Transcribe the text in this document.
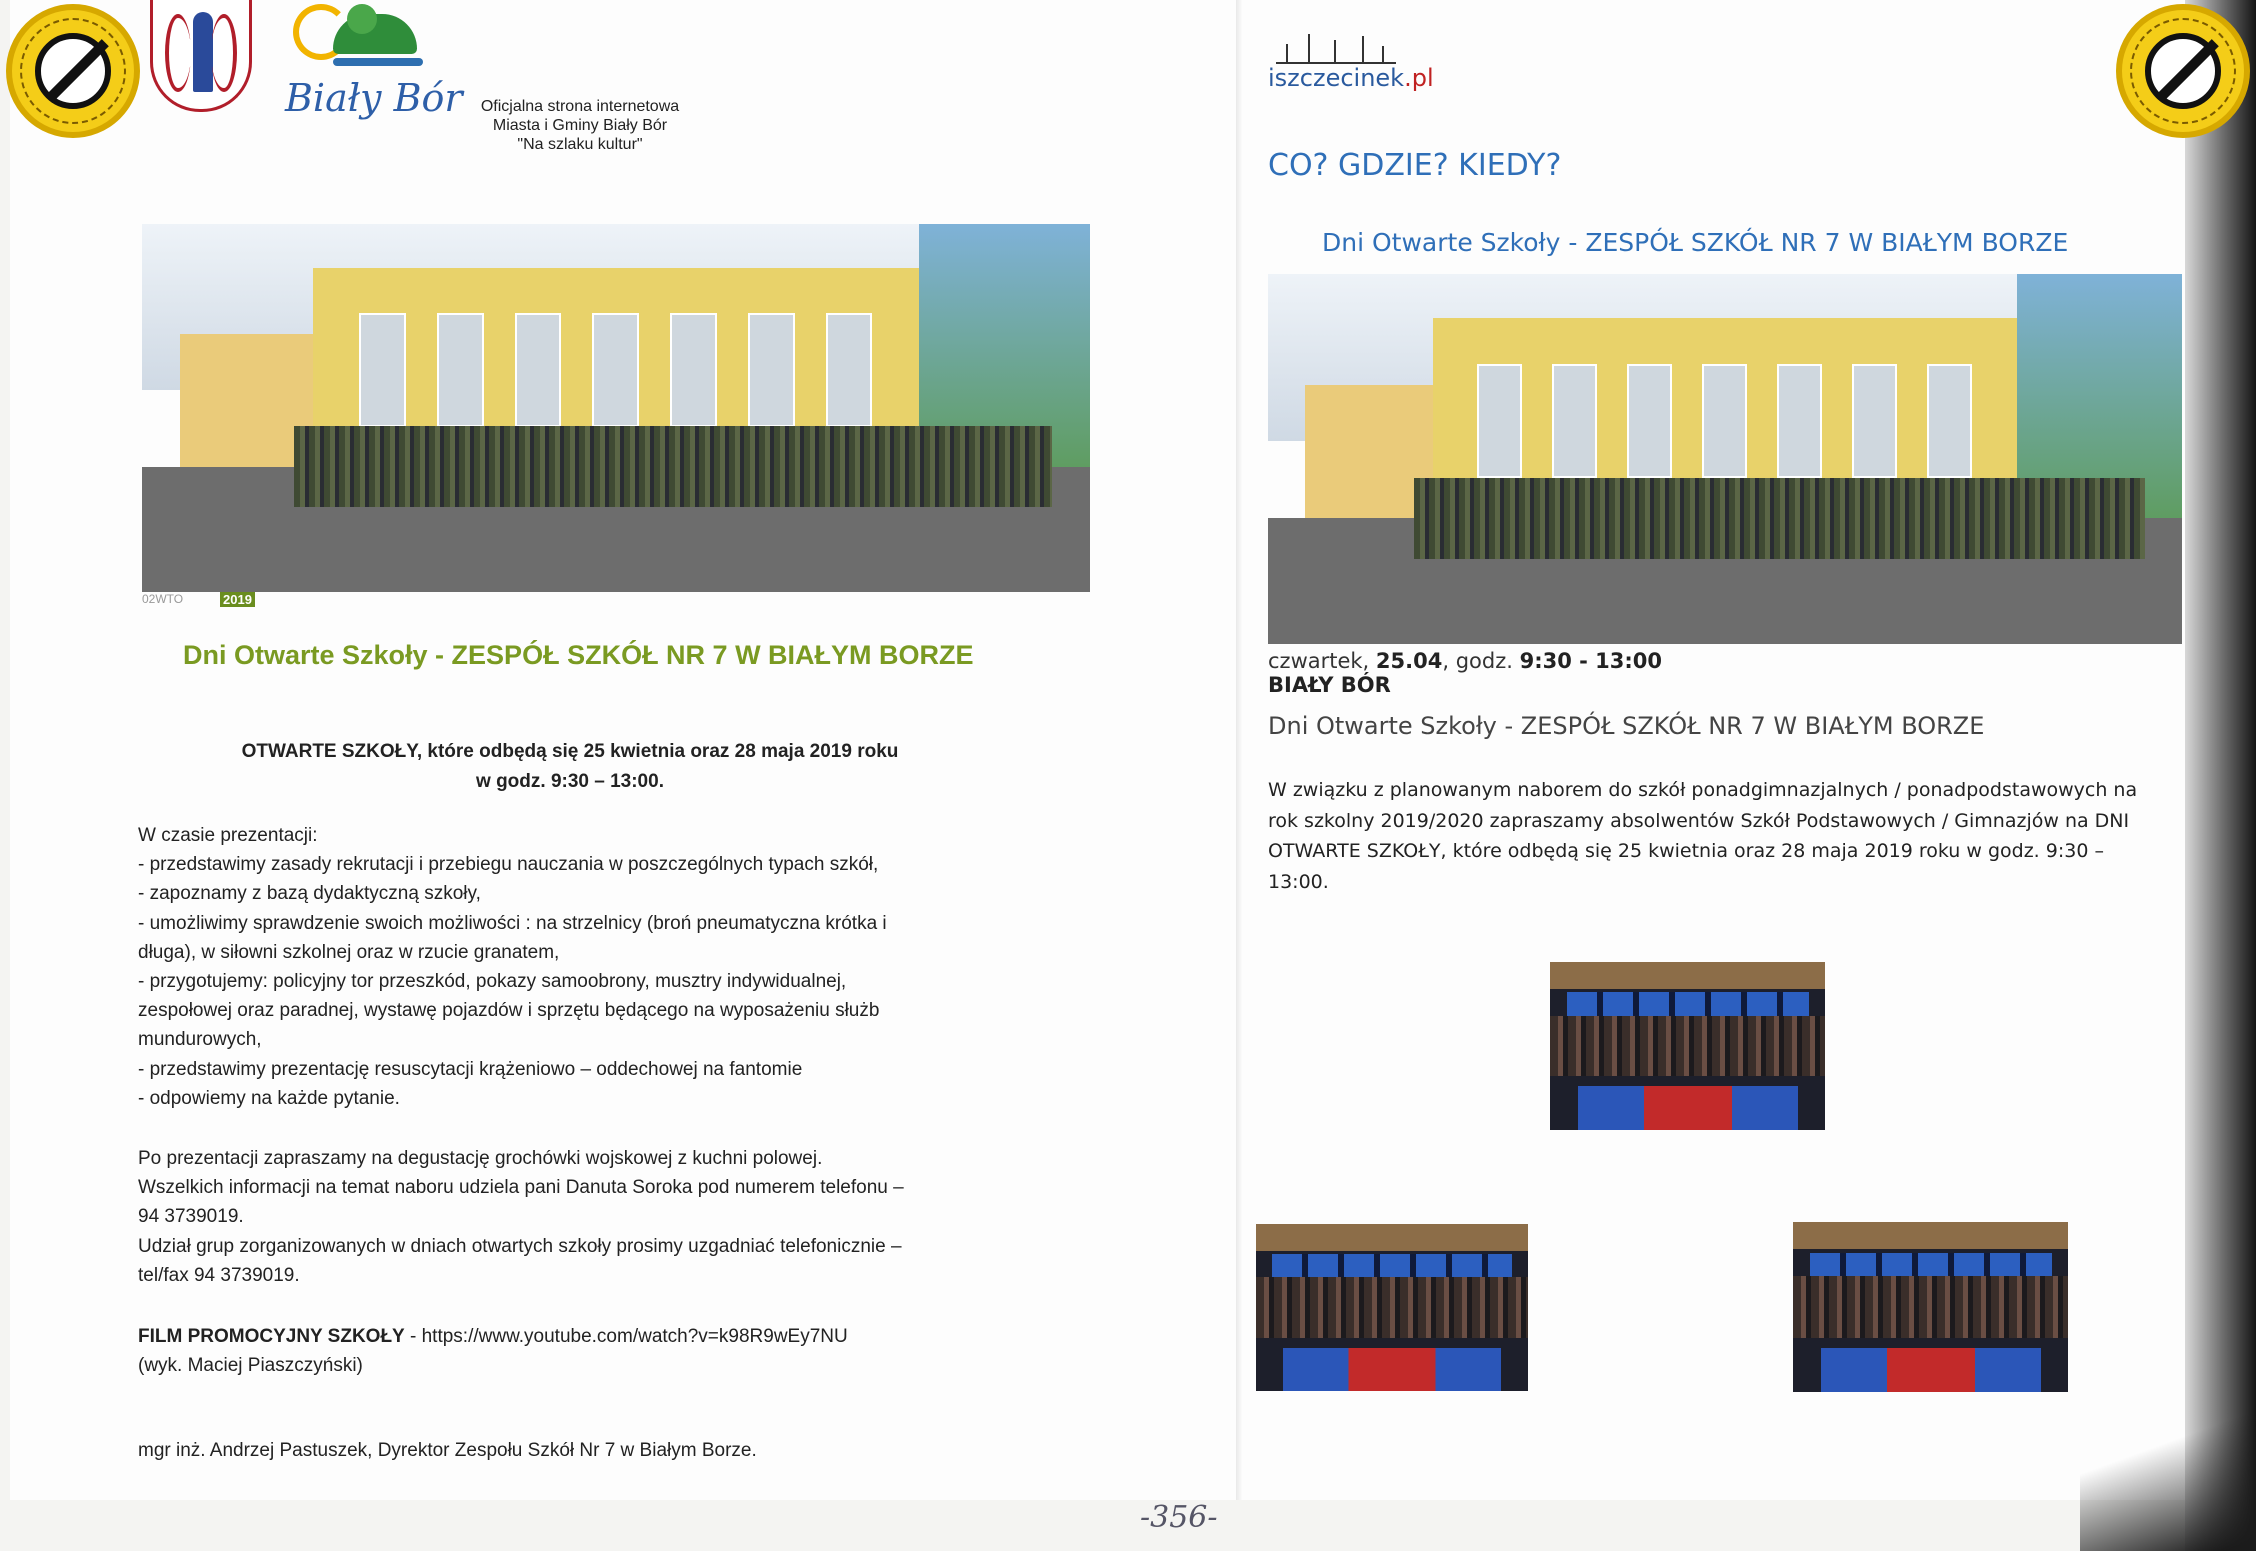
Biały Bór	Oficjalna strona internetowa
Miasta i Gminy Biały Bór
"Na szlaku kultur"
02WTO	2019
Dni Otwarte Szkoły - ZESPÓŁ SZKÓŁ NR 7 W BIAŁYM BORZE
OTWARTE SZKOŁY, które odbędą się 25 kwietnia oraz 28 maja 2019 roku
w godz. 9:30 – 13:00.
W czasie prezentacji:
- przedstawimy zasady rekrutacji i przebiegu nauczania w poszczególnych typach szkół,
- zapoznamy z bazą dydaktyczną szkoły,
- umożliwimy sprawdzenie swoich możliwości : na strzelnicy (broń pneumatyczna krótka i
długa), w siłowni szkolnej oraz w rzucie granatem,
- przygotujemy: policyjny tor przeszkód, pokazy samoobrony, musztry indywidualnej,
zespołowej oraz paradnej, wystawę pojazdów i sprzętu będącego na wyposażeniu służb
mundurowych,
- przedstawimy prezentację resuscytacji krążeniowo – oddechowej na fantomie
- odpowiemy na każde pytanie.
Po prezentacji zapraszamy na degustację grochówki wojskowej z kuchni polowej.
Wszelkich informacji na temat naboru udziela pani Danuta Soroka pod numerem telefonu –
94 3739019.
Udział grup zorganizowanych w dniach otwartych szkoły prosimy uzgadniać telefonicznie –
tel/fax 94 3739019.
FILM PROMOCYJNY SZKOŁY - https://www.youtube.com/watch?v=k98R9wEy7NU
(wyk. Maciej Piaszczyński)
mgr inż. Andrzej Pastuszek, Dyrektor Zespołu Szkół Nr 7 w Białym Borze.
iszczecinek.pl
CO? GDZIE? KIEDY?
Dni Otwarte Szkoły - ZESPÓŁ SZKÓŁ NR 7 W BIAŁYM BORZE
czwartek, 25.04, godz. 9:30 - 13:00
BIAŁY BÓR
Dni Otwarte Szkoły - ZESPÓŁ SZKÓŁ NR 7 W BIAŁYM BORZE
W związku z planowanym naborem do szkół ponadgimnazjalnych / ponadpodstawowych na
rok szkolny 2019/2020 zapraszamy absolwentów Szkół Podstawowych / Gimnazjów na DNI
OTWARTE SZKOŁY, które odbędą się 25 kwietnia oraz 28 maja 2019 roku w godz. 9:30 –
13:00.
-356-
